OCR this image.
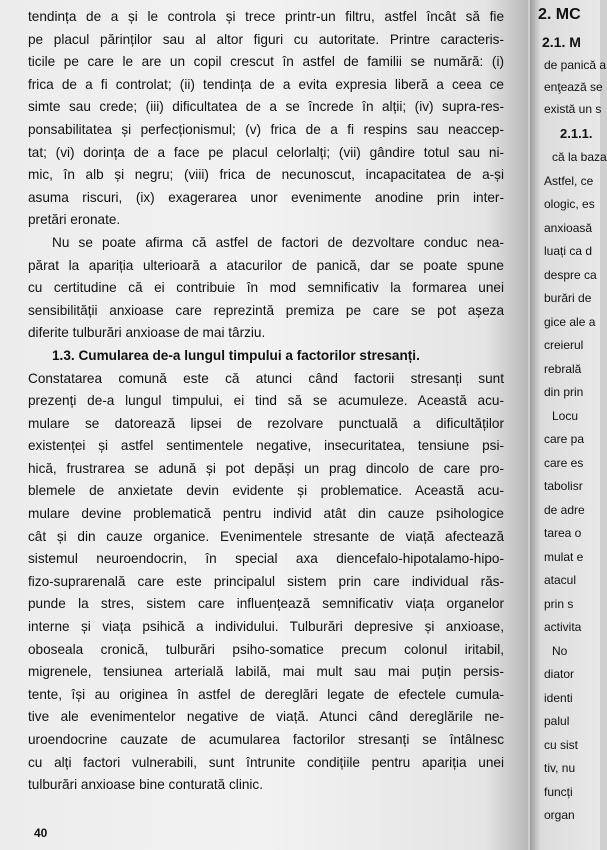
tendința de a și le controla și trece printr-un filtru, astfel încât să fie
pe placul părinților sau al altor figuri cu autoritate. Printre caracteris-
ticile pe care le are un copil crescut în astfel de familii se numără: (i)
frica de a fi controlat; (ii) tendința de a evita expresia liberă a ceea ce
simte sau crede; (iii) dificultatea de a se încrede în alții; (iv) supra-res-
ponsabilitatea și perfecționismul; (v) frica de a fi respins sau neaccep-
tat; (vi) dorința de a face pe placul celorlalți; (vii) gândire totul sau ni-
mic, în alb și negru; (viii) frica de necunoscut, incapacitatea de a-și
asuma riscuri, (ix) exagerarea unor evenimente anodine prin inter-
pretări eronate.
Nu se poate afirma că astfel de factori de dezvoltare conduc nea-
părat la apariția ulterioară a atacurilor de panică, dar se poate spune
cu certitudine că ei contribuie în mod semnificativ la formarea unei
sensibilității anxioase care reprezintă premiza pe care se pot așeza
diferite tulburări anxioase de mai târziu.
1.3. Cumularea de-a lungul timpului a factorilor stresanți.
Constatarea comună este că atunci când factorii stresanți sunt
prezenți de-a lungul timpului, ei tind să se acumuleze. Această acu-
mulare se datorează lipsei de rezolvare punctuală a dificultăților
existenței și astfel sentimentele negative, insecuritatea, tensiune psi-
hică, frustrarea se adună și pot depăși un prag dincolo de care pro-
blemele de anxietate devin evidente și problematice. Această acu-
mulare devine problematică pentru individ atât din cauze psihologice
cât și din cauze organice. Evenimentele stresante de viață afectează
sistemul neuroendocrin, în special axa diencefalo-hipotalamo-hipo-
fizo-suprarenală care este principalul sistem prin care individual răs-
punde la stres, sistem care influențează semnificativ viața organelor
interne și viața psihică a individului. Tulburări depresive și anxioase,
oboseala cronică, tulburări psiho-somatice precum colonul iritabil,
migrenele, tensiunea arterială labilă, mai mult sau mai puțin persis-
tente, își au originea în astfel de dereglări legate de efectele cumula-
tive ale evenimentelor negative de viață. Atunci când dereglările ne-
uroendocrine cauzate de acumularea factorilor stresanți se întâlnesc
cu alți factori vulnerabili, sunt întrunite condițiile pentru apariția unei
tulburări anxioase bine conturată clinic.
40
2. MC
2.1. M
2.1.1.
de panică a
enţează se
există un s
că la baza
Astfel, ce
ologic, es
anxioasă
luați ca d
despre ca
burări de
gice ale a
creierul
rebrală
din prin
Locu
care pa
care es
tabolisr
de adre
tarea o
mulat e
atacul
prin s
activita
No
diator
identi
palul
cu sist
tiv, nu
funcți
organ
